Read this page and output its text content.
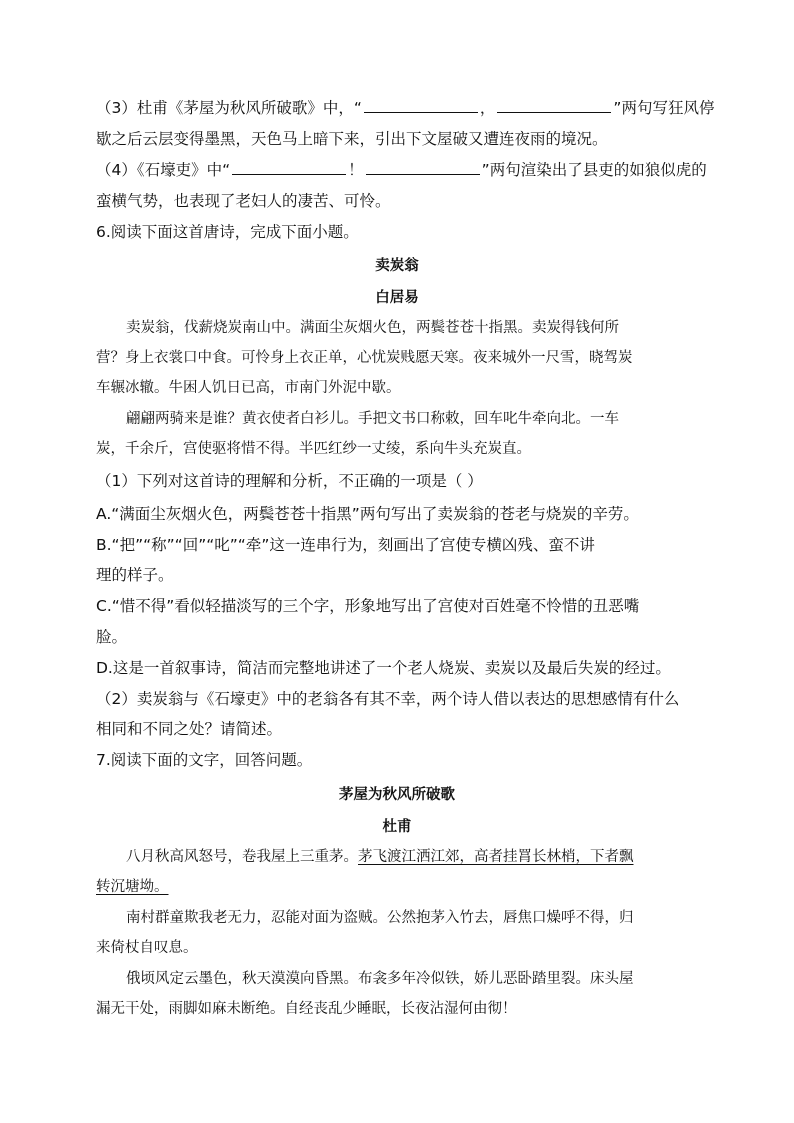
（3）杜甫《茅屋为秋风所破歌》中，“	，	”两句写狂风停
歇之后云层变得墨黑，天色马上暗下来，引出下文屋破又遭连夜雨的境况。
（4）《石壕吏》中“	！	”两句渲染出了县吏的如狼似虎的
蛮横气势，也表现了老妇人的凄苦、可怜。
6.阅读下面这首唐诗，完成下面小题。
卖炭翁
白居易
卖炭翁，伐薪烧炭南山中。满面尘灰烟火色，两鬓苍苍十指黑。卖炭得钱何所
营？身上衣裳口中食。可怜身上衣正单，心忧炭贱愿天寒。夜来城外一尺雪，晓驾炭
车辗冰辙。牛困人饥日已高，市南门外泥中歇。
翩翩两骑来是谁？黄衣使者白衫儿。手把文书口称敕，回车叱牛牵向北。一车
炭，千余斤，宫使驱将惜不得。半匹红纱一丈绫，系向牛头充炭直。
（1）下列对这首诗的理解和分析，不正确的一项是（ ）
A.“满面尘灰烟火色，两鬓苍苍十指黑”两句写出了卖炭翁的苍老与烧炭的辛劳。
B.“把”“称”“回”“叱”“牵”这一连串行为，刻画出了宫使专横凶残、蛮不讲
理的样子。
C.“惜不得”看似轻描淡写的三个字，形象地写出了宫使对百姓毫不怜惜的丑恶嘴
脸。
D.这是一首叙事诗，简洁而完整地讲述了一个老人烧炭、卖炭以及最后失炭的经过。
（2）卖炭翁与《石壕吏》中的老翁各有其不幸，两个诗人借以表达的思想感情有什么
相同和不同之处？请简述。
7.阅读下面的文字，回答问题。
茅屋为秋风所破歌
杜甫
八月秋高风怒号，卷我屋上三重茅。茅飞渡江洒江郊，高者挂罥长林梢，下者飘
转沉塘坳。
南村群童欺我老无力，忍能对面为盗贼。公然抱茅入竹去，唇焦口燥呼不得，归
来倚杖自叹息。
俄顷风定云墨色，秋天漠漠向昏黑。布衾多年冷似铁，娇儿恶卧踏里裂。床头屋
漏无干处，雨脚如麻未断绝。自经丧乱少睡眠，长夜沾湿何由彻！
